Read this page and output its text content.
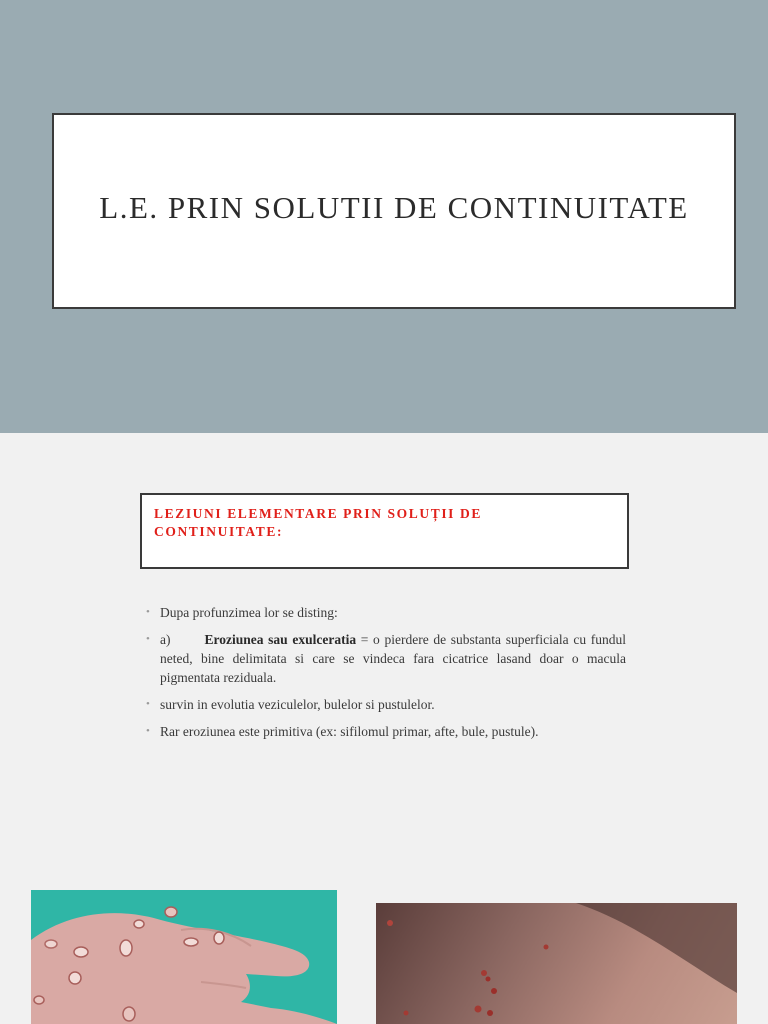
L.E. PRIN SOLUTII DE CONTINUITATE
LEZIUNI ELEMENTARE PRIN SOLUȚII DE
CONTINUITATE:
• Dupa profunzimea lor se disting:
• a)	Eroziunea sau exulceratia = o pierdere de substanta superficiala cu fundul neted, bine delimitata si care se vindeca fara cicatrice lasand doar o macula pigmentata reziduala.
• survin in evolutia veziculelor, bulelor si pustulelor.
• Rar eroziunea este primitiva (ex: sifilomul primar, afte, bule, pustule).
